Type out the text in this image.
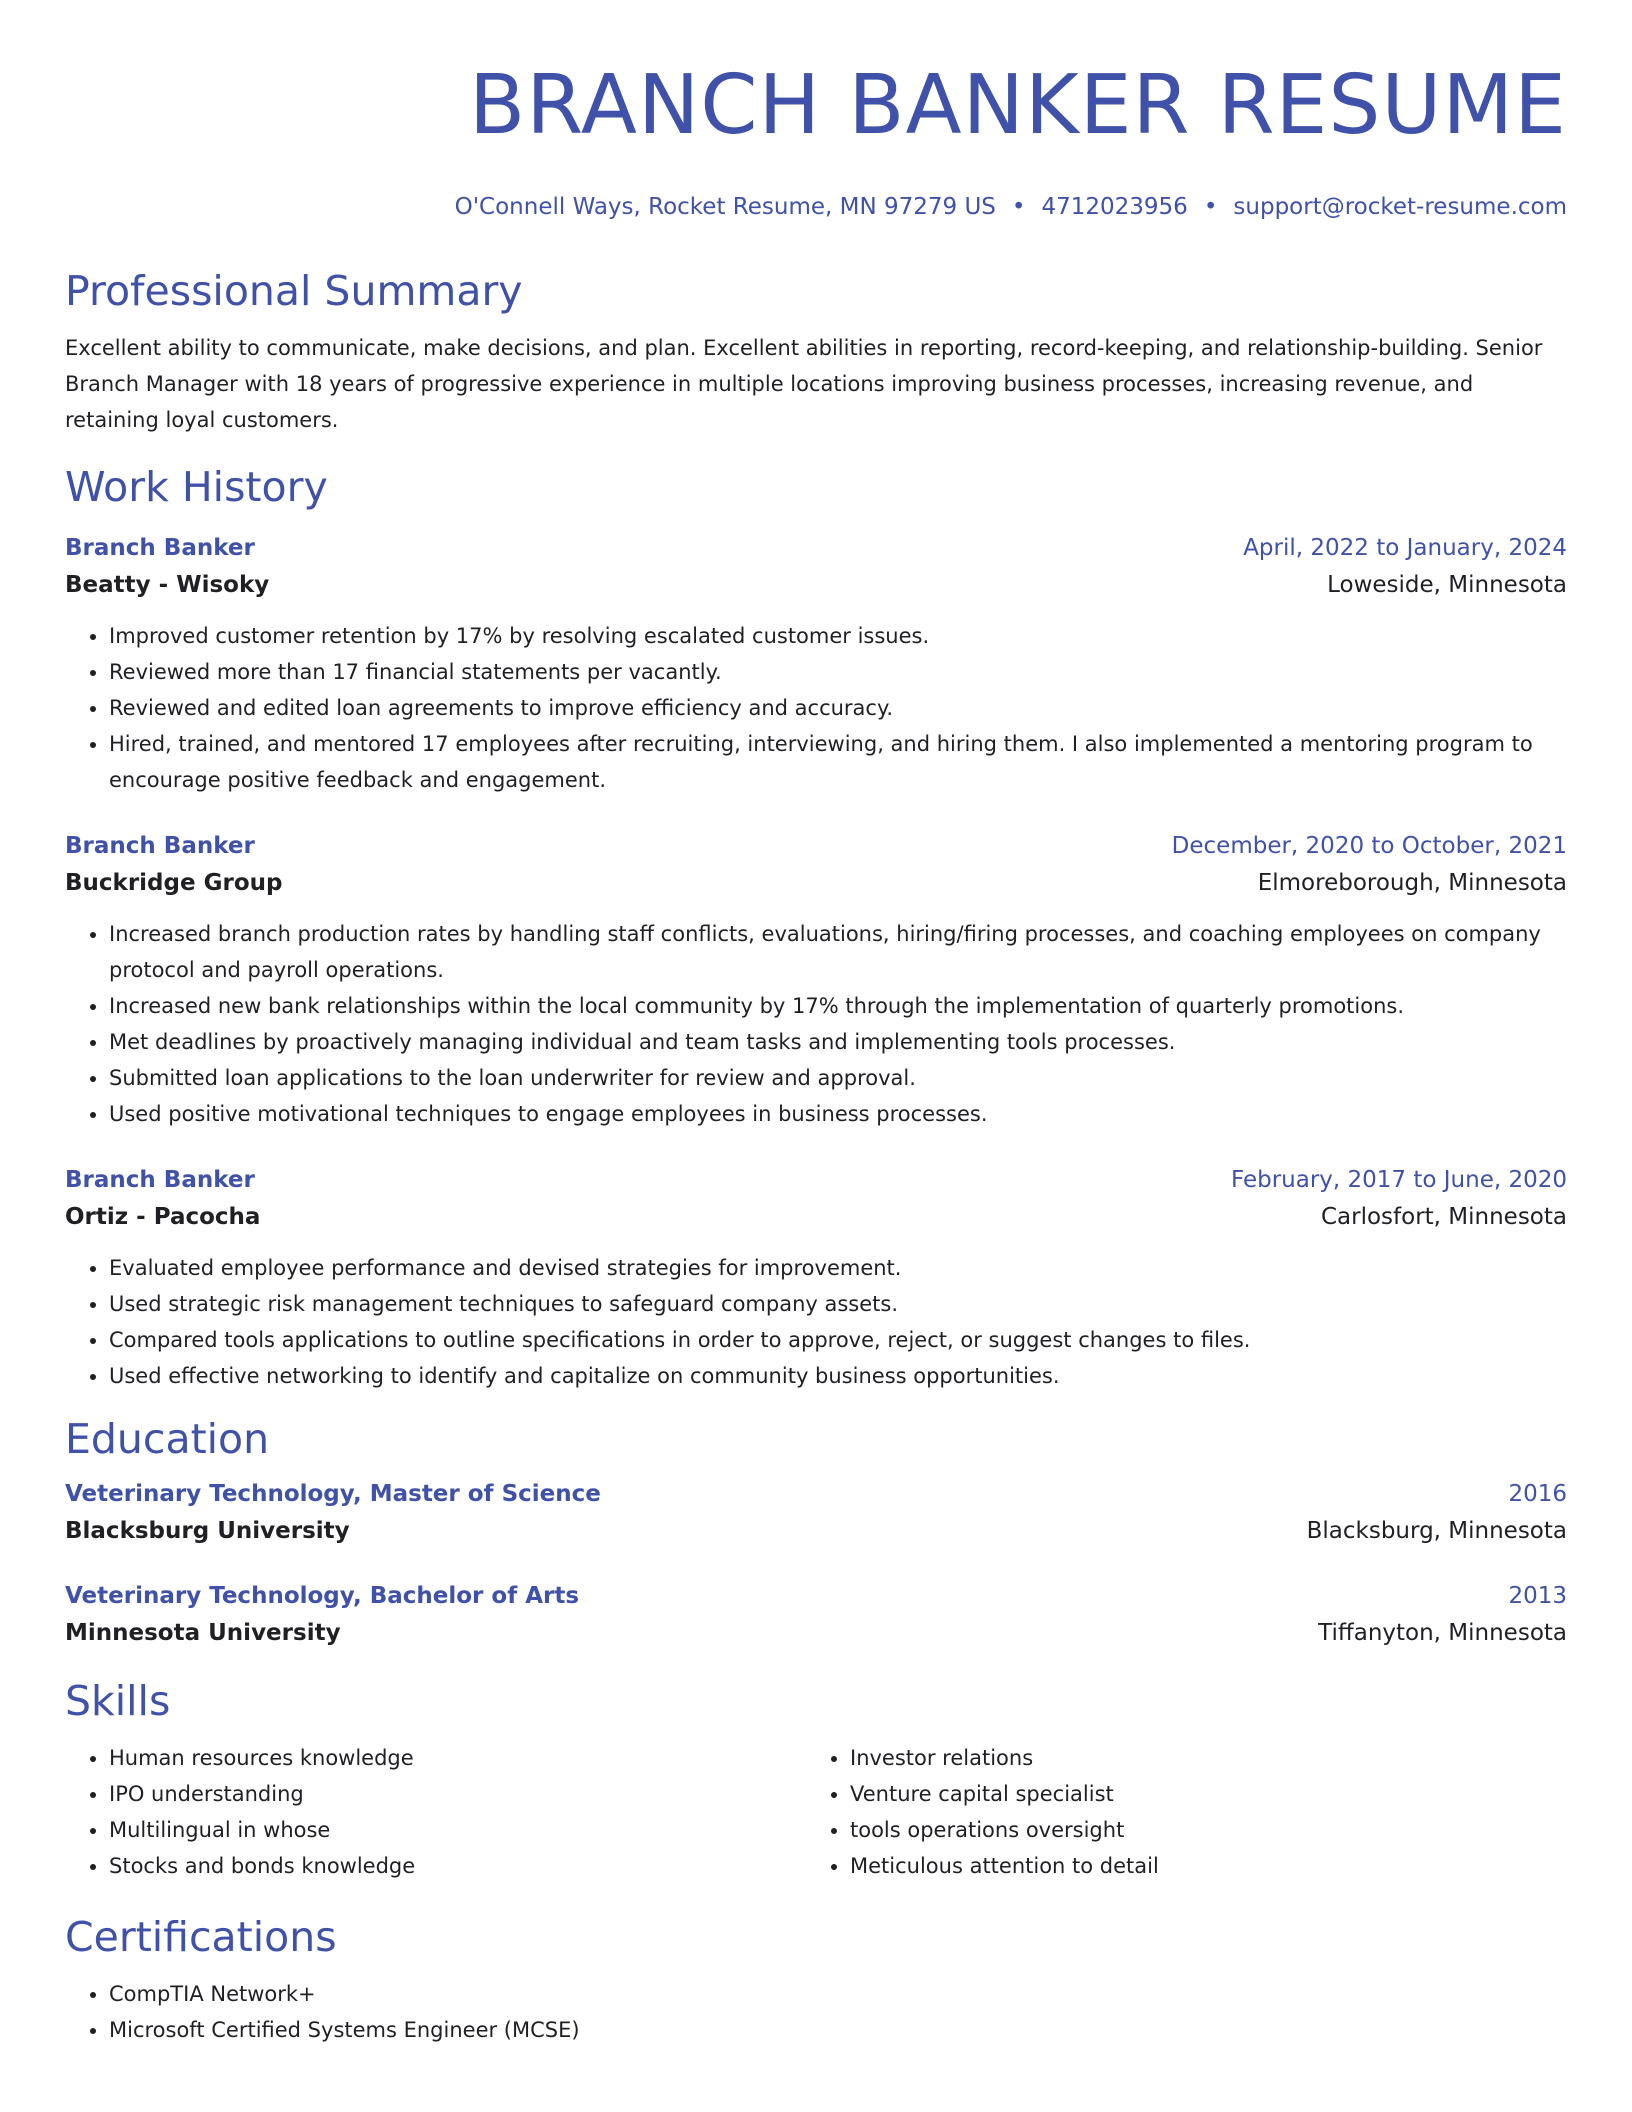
BRANCH BANKER RESUME
O'Connell Ways, Rocket Resume, MN 97279 US • 4712023956 • support@rocket-resume.com
Professional Summary
Excellent ability to communicate, make decisions, and plan. Excellent abilities in reporting, record-keeping, and relationship-building. Senior Branch Manager with 18 years of progressive experience in multiple locations improving business processes, increasing revenue, and retaining loyal customers.
Work History
Branch Banker	April, 2022 to January, 2024
Beatty - Wisoky	Loweside, Minnesota
• Improved customer retention by 17% by resolving escalated customer issues.
• Reviewed more than 17 financial statements per vacantly.
• Reviewed and edited loan agreements to improve efficiency and accuracy.
• Hired, trained, and mentored 17 employees after recruiting, interviewing, and hiring them. I also implemented a mentoring program to encourage positive feedback and engagement.
Branch Banker	December, 2020 to October, 2021
Buckridge Group	Elmoreborough, Minnesota
• Increased branch production rates by handling staff conflicts, evaluations, hiring/firing processes, and coaching employees on company protocol and payroll operations.
• Increased new bank relationships within the local community by 17% through the implementation of quarterly promotions.
• Met deadlines by proactively managing individual and team tasks and implementing tools processes.
• Submitted loan applications to the loan underwriter for review and approval.
• Used positive motivational techniques to engage employees in business processes.
Branch Banker	February, 2017 to June, 2020
Ortiz - Pacocha	Carlosfort, Minnesota
• Evaluated employee performance and devised strategies for improvement.
• Used strategic risk management techniques to safeguard company assets.
• Compared tools applications to outline specifications in order to approve, reject, or suggest changes to files.
• Used effective networking to identify and capitalize on community business opportunities.
Education
Veterinary Technology, Master of Science	2016
Blacksburg University	Blacksburg, Minnesota
Veterinary Technology, Bachelor of Arts	2013
Minnesota University	Tiffanyton, Minnesota
Skills
• Human resources knowledge
• IPO understanding
• Multilingual in whose
• Stocks and bonds knowledge
• Investor relations
• Venture capital specialist
• tools operations oversight
• Meticulous attention to detail
Certifications
• CompTIA Network+
• Microsoft Certified Systems Engineer (MCSE)
